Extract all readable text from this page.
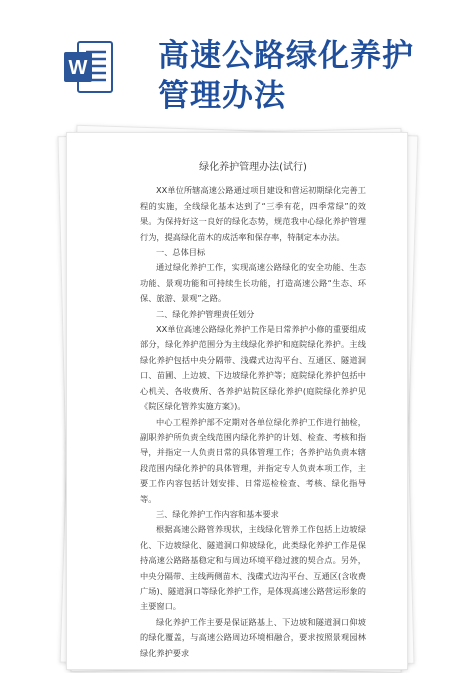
W 高速公路绿化养护
管理办法
绿化养护管理办法(试行)

XX单位所辖高速公路通过项目建设和营运初期绿化完善工程的实施，全线绿化基本达到了“三季有花，四季常绿”的效果。为保持好这一良好的绿化态势，规范我中心绿化养护管理行为，提高绿化苗木的成活率和保存率，特制定本办法。

一、总体目标

通过绿化养护工作，实现高速公路绿化的安全功能、生态功能、景观功能和可持续生长功能，打造高速公路“生态、环保、旅游、景观”之路。

二、绿化养护管理责任划分

XX单位高速公路绿化养护工作是日常养护小修的重要组成部分，绿化养护范围分为主线绿化养护和庭院绿化养护。主线绿化养护包括中央分隔带、浅碟式边沟平台、互通区、隧道洞口、苗圃、上边坡、下边坡绿化养护等；庭院绿化养护包括中心机关、各收费所、各养护站院区绿化养护(庭院绿化养护见《院区绿化管养实施方案》)。

中心工程养护部不定期对各单位绿化养护工作进行抽检，副职养护所负责全线范围内绿化养护的计划、检查、考核和指导，并指定一人负责日常的具体管理工作；各养护站负责本辖段范围内绿化养护的具体管理，并指定专人负责本项工作，主要工作内容包括计划安排、日常巡检检查、考核、绿化指导等。

三、绿化养护工作内容和基本要求

根据高速公路管养现状，主线绿化管养工作包括上边坡绿化、下边坡绿化、隧道洞口仰坡绿化，此类绿化养护工作是保持高速公路路基稳定和与周边环境平稳过渡的契合点。另外，中央分隔带、主线两侧苗木、浅碟式边沟平台、互通区(含收费广场)、隧道洞口等绿化养护工作，是体现高速公路营运形象的主要窗口。

绿化养护工作主要是保证路基上、下边坡和隧道洞口仰坡的绿化覆盖，与高速公路周边环境相融合，要求按照景观园林绿化养护要求
